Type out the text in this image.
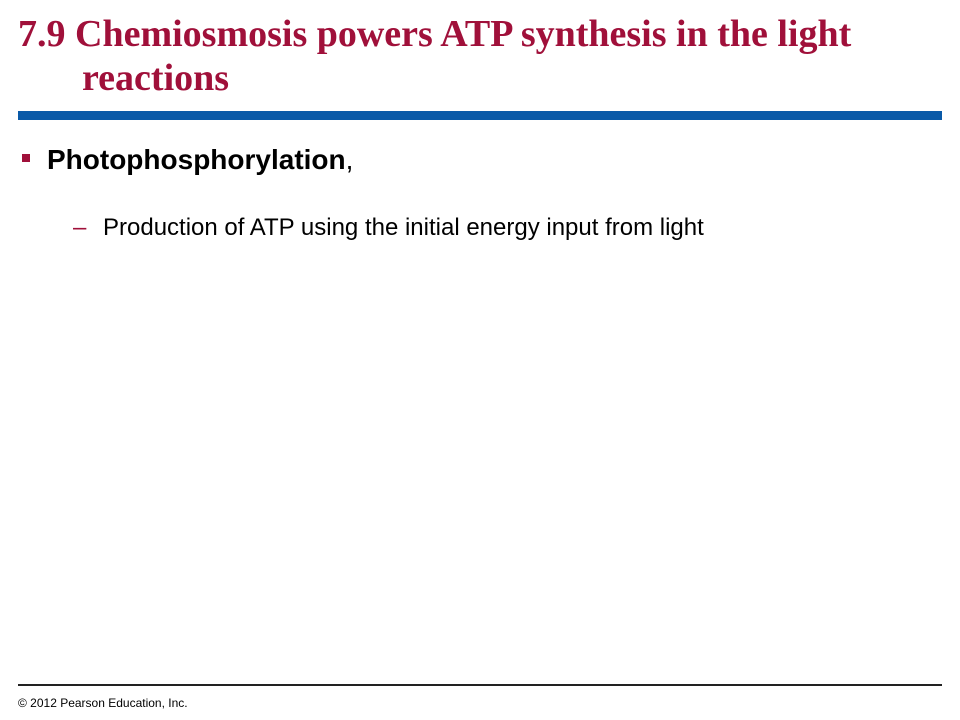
7.9 Chemiosmosis powers ATP synthesis in the light reactions
Photophosphorylation,
– Production of ATP using the initial energy input from light
© 2012 Pearson Education, Inc.
